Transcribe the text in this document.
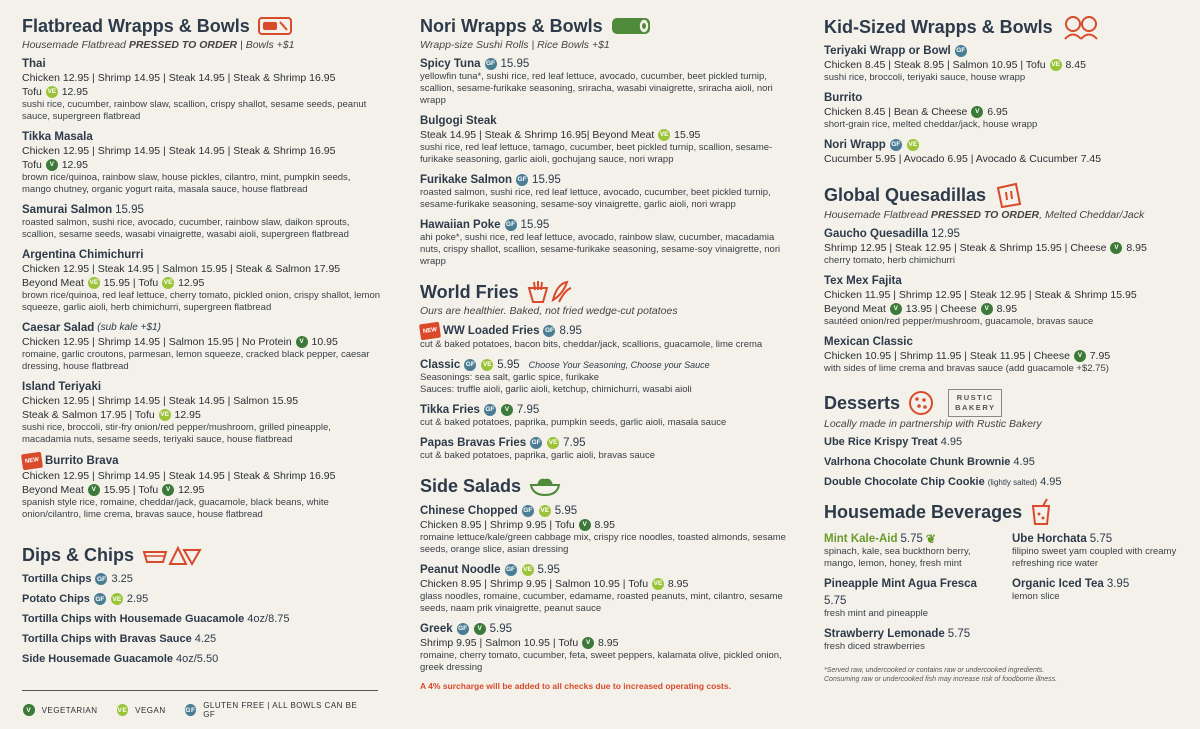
Flatbread Wrapps & Bowls
Housemade Flatbread PRESSED TO ORDER | Bowls +$1
Thai
Chicken 12.95 | Shrimp 14.95 | Steak 14.95 | Steak & Shrimp 16.95
Tofu VE 12.95
sushi rice, cucumber, rainbow slaw, scallion, crispy shallot, sesame seeds, peanut sauce, supergreen flatbread
Tikka Masala
Chicken 12.95 | Shrimp 14.95 | Steak 14.95 | Steak & Shrimp 16.95
Tofu V 12.95
brown rice/quinoa, rainbow slaw, house pickles, cilantro, mint, pumpkin seeds, mango chutney, organic yogurt raita, masala sauce, house flatbread
Samurai Salmon 15.95
roasted salmon, sushi rice, avocado, cucumber, rainbow slaw, daikon sprouts, scallion, sesame seeds, wasabi vinaigrette, wasabi aioli, supergreen flatbread
Argentina Chimichurri
Chicken 12.95 | Steak 14.95 | Salmon 15.95 | Steak & Salmon 17.95
Beyond Meat VE 15.95 | Tofu VE 12.95
brown rice/quinoa, red leaf lettuce, cherry tomato, pickled onion, crispy shallot, lemon squeeze, garlic aioli, herb chimichurri, supergreen flatbread
Caesar Salad (sub kale +$1)
Chicken 12.95 | Shrimp 14.95 | Salmon 15.95 | No Protein V 10.95
romaine, garlic croutons, parmesan, lemon squeeze, cracked black pepper, caesar dressing, house flatbread
Island Teriyaki
Chicken 12.95 | Shrimp 14.95 | Steak 14.95 | Salmon 15.95
Steak & Salmon 17.95 | Tofu VE 12.95
sushi rice, broccoli, stir-fry onion/red pepper/mushroom, grilled pineapple, macadamia nuts, sesame seeds, teriyaki sauce, house flatbread
NEW Burrito Brava
Chicken 12.95 | Shrimp 14.95 | Steak 14.95 | Steak & Shrimp 16.95
Beyond Meat V 15.95 | Tofu V 12.95
spanish style rice, romaine, cheddar/jack, guacamole, black beans, white onion/cilantro, lime crema, bravas sauce, house flatbread
Dips & Chips
Tortilla Chips GF 3.25
Potato Chips GF VE 2.95
Tortilla Chips with Housemade Guacamole 4oz/8.75
Tortilla Chips with Bravas Sauce 4.25
Side Housemade Guacamole 4oz/5.50
V	VEGETARIAN	VE VEGAN	GF GLUTEN FREE | ALL BOWLS CAN BE GF
Nori Wrapps & Bowls
Wrapp-size Sushi Rolls | Rice Bowls +$1
Spicy Tuna GF 15.95
yellowfin tuna*, sushi rice, red leaf lettuce, avocado, cucumber, beet pickled turnip, scallion, sesame-furikake seasoning, sriracha, wasabi vinaigrette, sriracha aioli, nori wrapp
Bulgogi Steak
Steak 14.95 | Steak & Shrimp 16.95| Beyond Meat VE 15.95
sushi rice, red leaf lettuce, tamago, cucumber, beet pickled turnip, scallion, sesame-furikake seasoning, garlic aioli, gochujang sauce, nori wrapp
Furikake Salmon GF 15.95
roasted salmon, sushi rice, red leaf lettuce, avocado, cucumber, beet pickled turnip, sesame-furikake seasoning, sesame-soy vinaigrette, garlic aioli, nori wrapp
Hawaiian Poke GF 15.95
ahi poke*, sushi rice, red leaf lettuce, avocado, rainbow slaw, cucumber, macadamia nuts, crispy shallot, scallion, sesame-furikake seasoning, sesame-soy vinaigrette, nori wrapp
World Fries
Ours are healthier. Baked, not fried wedge-cut potatoes
NEW WW Loaded Fries GF 8.95
cut & baked potatoes, bacon bits, cheddar/jack, scallions, guacamole, lime crema
Classic GF VE 5.95 Choose Your Seasoning, Choose your Sauce
Seasonings: sea salt, garlic spice, furikake
Sauces: truffle aioli, garlic aioli, ketchup, chimichurri, wasabi aioli
Tikka Fries GF	V 7.95
cut & baked potatoes, paprika, pumpkin seeds, garlic aioli, masala sauce
Papas Bravas Fries GF VE 7.95
cut & baked potatoes, paprika, garlic aioli, bravas sauce
Side Salads
Chinese Chopped GF VE 5.95
Chicken 8.95 | Shrimp 9.95 | Tofu V 8.95
romaine lettuce/kale/green cabbage mix, crispy rice noodles, toasted almonds, sesame seeds, orange slice, asian dressing
Peanut Noodle GF VE 5.95
Chicken 8.95 | Shrimp 9.95 | Salmon 10.95 | Tofu VE 8.95
glass noodles, romaine, cucumber, edamame, roasted peanuts, mint, cilantro, sesame seeds, naam prik vinaigrette, peanut sauce
Greek GF	V 5.95
Shrimp 9.95 | Salmon 10.95 | Tofu V 8.95
romaine, cherry tomato, cucumber, feta, sweet peppers, kalamata olive, pickled onion, greek dressing
A 4% surcharge will be added to all checks due to increased operating costs.
Kid-Sized Wrapps & Bowls
Teriyaki Wrapp or Bowl GF
Chicken 8.45 | Steak 8.95 | Salmon 10.95 | Tofu VE 8.45
sushi rice, broccoli, teriyaki sauce, house wrapp
Burrito
Chicken 8.45 | Bean & Cheese V 6.95
short-grain rice, melted cheddar/jack, house wrapp
Nori Wrapp GF VE
Cucumber 5.95 | Avocado 6.95 | Avocado & Cucumber 7.45
Global Quesadillas
Housemade Flatbread PRESSED TO ORDER, Melted Cheddar/Jack
Gaucho Quesadilla 12.95
Shrimp 12.95 | Steak 12.95 | Steak & Shrimp 15.95 | Cheese V 8.95
cherry tomato, herb chimichurri
Tex Mex Fajita
Chicken 11.95 | Shrimp 12.95 | Steak 12.95 | Steak & Shrimp 15.95
Beyond Meat V 13.95 | Cheese V 8.95
sautéed onion/red pepper/mushroom, guacamole, bravas sauce
Mexican Classic
Chicken 10.95 | Shrimp 11.95 | Steak 11.95 | Cheese V 7.95
with sides of lime crema and bravas sauce (add guacamole +$2.75)
Desserts	RUSTIC
BAKERY
Locally made in partnership with Rustic Bakery
Ube Rice Krispy Treat 4.95
Valrhona Chocolate Chunk Brownie 4.95
Double Chocolate Chip Cookie (lightly salted) 4.95
Housemade Beverages
Mint Kale-Aid 5.75 ❦
spinach, kale, sea buckthorn berry, mango, lemon, honey, fresh mint
Pineapple Mint Agua Fresca
5.75
fresh mint and pineapple
Strawberry Lemonade 5.75
fresh diced strawberries
Ube Horchata 5.75
filipino sweet yam coupled with creamy refreshing rice water
Organic Iced Tea 3.95
lemon slice
*Served raw, undercooked or contains raw or undercooked ingredients.
Consuming raw or undercooked fish may increase risk of foodborne illness.
